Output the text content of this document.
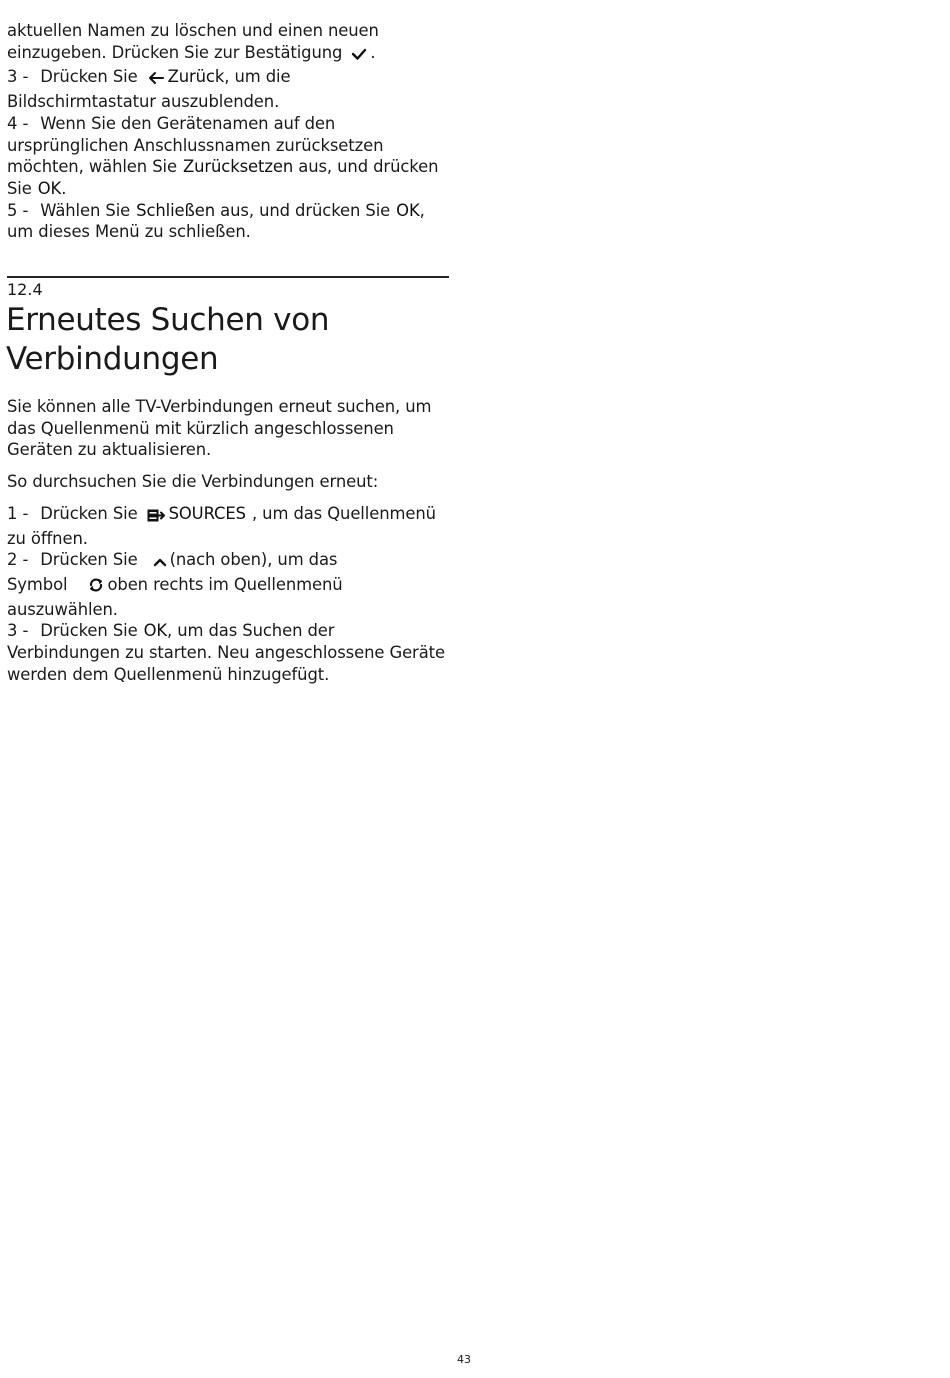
aktuellen Namen zu löschen und einen neuen
einzugeben. Drücken Sie zur Bestätigung .
3 - Drücken Sie Zurück, um die
Bildschirmtastatur auszublenden.
4 - Wenn Sie den Gerätenamen auf den
ursprünglichen Anschlussnamen zurücksetzen
möchten, wählen Sie Zurücksetzen aus, und drücken
Sie OK.
5 - Wählen Sie Schließen aus, und drücken Sie OK,
um dieses Menü zu schließen.
12.4
Erneutes Suchen von Verbindungen
Sie können alle TV-Verbindungen erneut suchen, um das Quellenmenü mit kürzlich angeschlossenen Geräten zu aktualisieren.
So durchsuchen Sie die Verbindungen erneut:
1 - Drücken Sie SOURCES , um das Quellenmenü
zu öffnen.
2 - Drücken Sie (nach oben), um das
Symbol oben rechts im Quellenmenü
auszuwählen.
3 - Drücken Sie OK, um das Suchen der
Verbindungen zu starten. Neu angeschlossene Geräte
werden dem Quellenmenü hinzugefügt.
43
